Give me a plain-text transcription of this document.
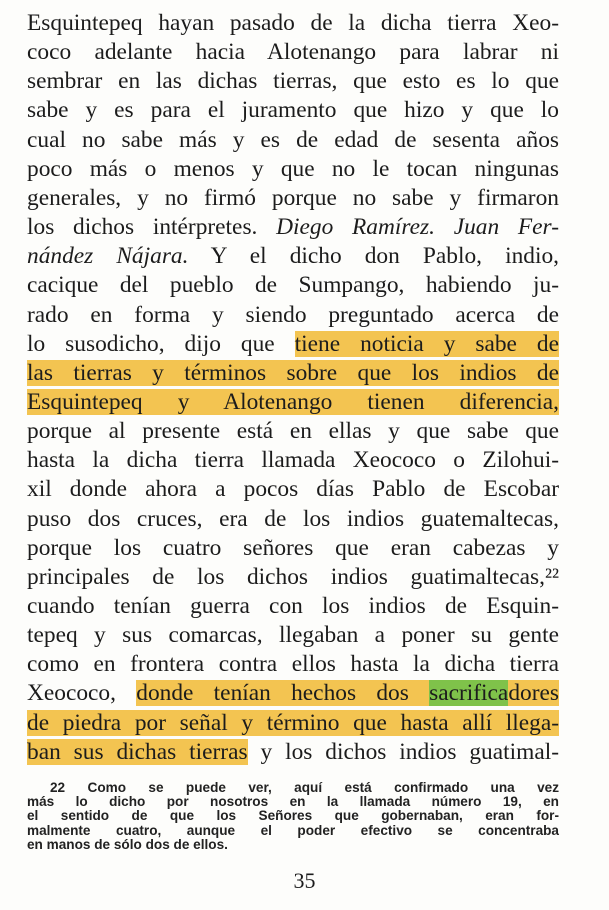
Esquintepeq hayan pasado de la dicha tierra Xeo-
coco adelante hacia Alotenango para labrar ni
sembrar en las dichas tierras, que esto es lo que
sabe y es para el juramento que hizo y que lo
cual no sabe más y es de edad de sesenta años
poco más o menos y que no le tocan ningunas
generales, y no firmó porque no sabe y firmaron
los dichos intérpretes. Diego Ramírez. Juan Fer-
nández Nájara. Y el dicho don Pablo, indio,
cacique del pueblo de Sumpango, habiendo ju-
rado en forma y siendo preguntado acerca de
lo susodicho, dijo que tiene noticia y sabe de
las tierras y términos sobre que los indios de
Esquintepeq y Alotenango tienen diferencia,
porque al presente está en ellas y que sabe que
hasta la dicha tierra llamada Xeococo o Zilohui-
xil donde ahora a pocos días Pablo de Escobar
puso dos cruces, era de los indios guatemaltecas,
porque los cuatro señores que eran cabezas y
principales de los dichos indios guatimaltecas,²²
cuando tenían guerra con los indios de Esquin-
tepeq y sus comarcas, llegaban a poner su gente
como en frontera contra ellos hasta la dicha tierra
Xeococo, donde tenían hechos dos sacrificadores
de piedra por señal y término que hasta allí llega-
ban sus dichas tierras y los dichos indios guatimal-
22 Como se puede ver, aquí está confirmado una vez
más lo dicho por nosotros en la llamada número 19, en
el sentido de que los Señores que gobernaban, eran for-
malmente cuatro, aunque el poder efectivo se concentraba
en manos de sólo dos de ellos.
35
